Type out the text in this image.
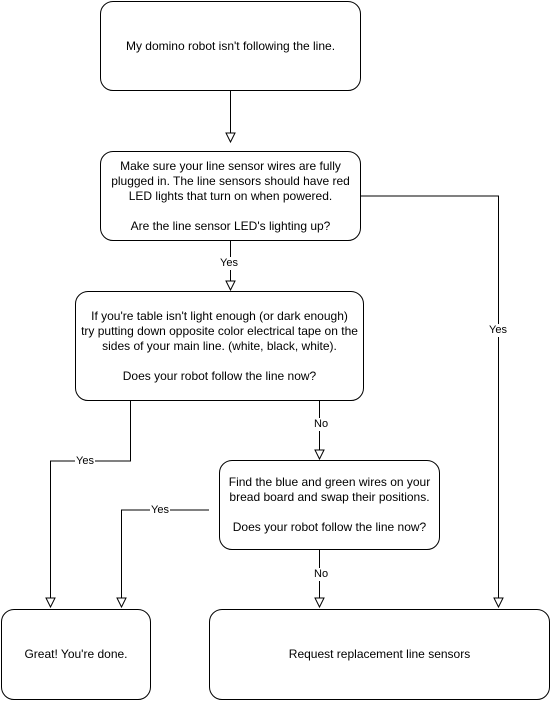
My domino robot isn't following the line.
Make sure your line sensor wires are fully
plugged in. The line sensors should have red
LED lights that turn on when powered.
Are the line sensor LED's lighting up?
If you're table isn't light enough (or dark enough)
try putting down opposite color electrical tape on the
sides of your main line. (white, black, white).
Does your robot follow the line now?
Find the blue and green wires on your
bread board and swap their positions.
Does your robot follow the line now?
Great! You're done.	Request replacement line sensors
Yes
Yes
No
Yes
Yes
No
